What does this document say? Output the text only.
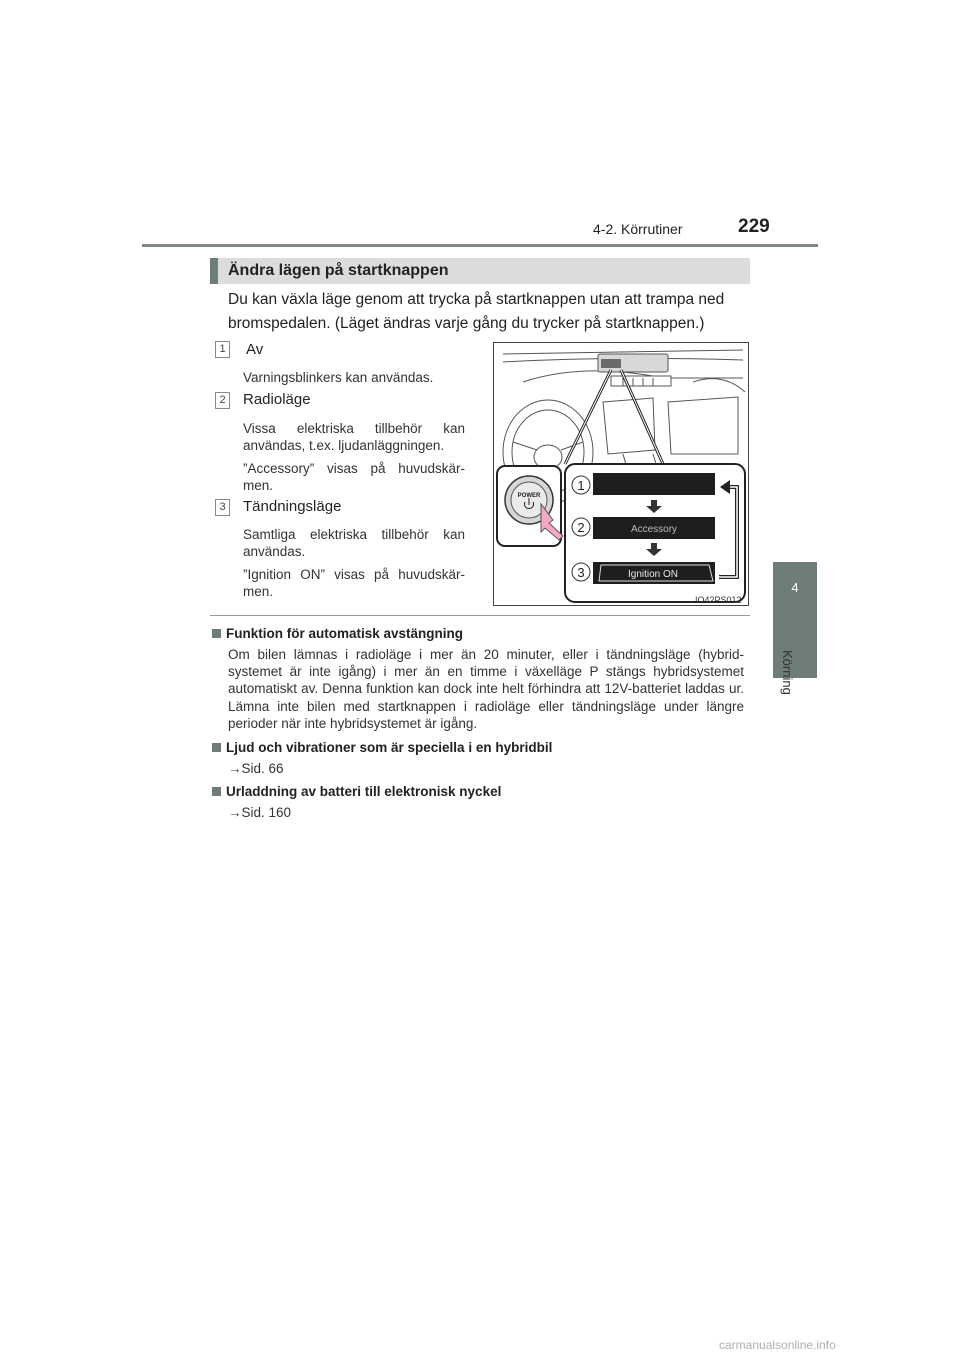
4-2. Körrutiner	229
4
Körning
Ändra lägen på startknappen
Du kan växla läge genom att trycka på startknappen utan att trampa ned
bromspedalen. (Läget ändras varje gång du trycker på startknappen.)
1 Av
Varningsblinkers kan användas.
2 Radioläge
Vissa elektriska tillbehör kan användas, t.ex. ljudanläggningen.
”Accessory” visas på huvudskär-men.
3 Tändningsläge
Samtliga elektriska tillbehör kan användas.
”Ignition ON” visas på huvudskär-men.
POWER
1
2	Accessory
3	Ignition ON
IO42PS012
Funktion för automatisk avstängning
Om bilen lämnas i radioläge i mer än 20 minuter, eller i tändningsläge (hybrid-systemet är inte igång) i mer än en timme i växelläge P stängs hybridsystemet automatiskt av. Denna funktion kan dock inte helt förhindra att 12V-batteriet laddas ur. Lämna inte bilen med startknappen i radioläge eller tändningsläge under längre perioder när inte hybridsystemet är igång.
Ljud och vibrationer som är speciella i en hybridbil
→Sid. 66
Urladdning av batteri till elektronisk nyckel
→Sid. 160
carmanualsonline.info
